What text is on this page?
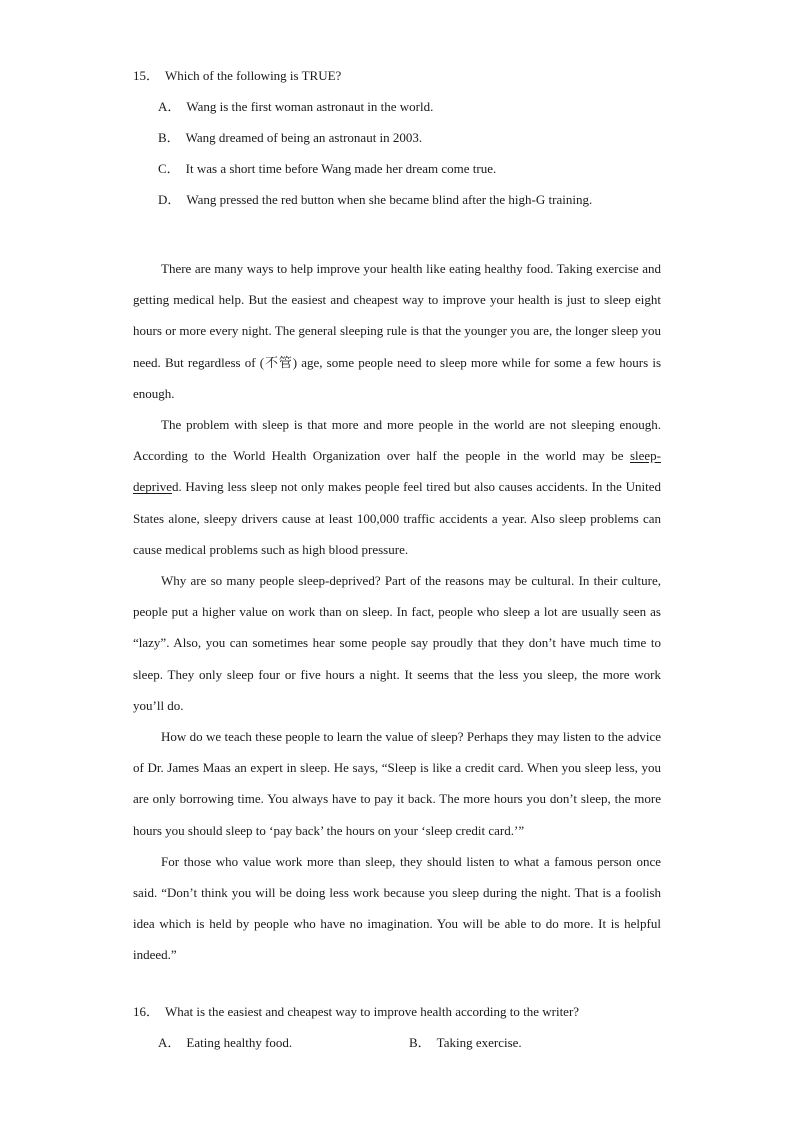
15． Which of the following is TRUE?
A． Wang is the first woman astronaut in the world.
B． Wang dreamed of being an astronaut in 2003.
C． It was a short time before Wang made her dream come true.
D． Wang pressed the red button when she became blind after the high-G training.

There are many ways to help improve your health like eating healthy food. Taking exercise and getting medical help. But the easiest and cheapest way to improve your health is just to sleep eight hours or more every night. The general sleeping rule is that the younger you are, the longer sleep you need. But regardless of (不管) age, some people need to sleep more while for some a few hours is enough.

The problem with sleep is that more and more people in the world are not sleeping enough. According to the World Health Organization over half the people in the world may be sleep-deprived. Having less sleep not only makes people feel tired but also causes accidents. In the United States alone, sleepy drivers cause at least 100,000 traffic accidents a year. Also sleep problems can cause medical problems such as high blood pressure.

Why are so many people sleep-deprived? Part of the reasons may be cultural. In their culture, people put a higher value on work than on sleep. In fact, people who sleep a lot are usually seen as “lazy”. Also, you can sometimes hear some people say proudly that they don’t have much time to sleep. They only sleep four or five hours a night. It seems that the less you sleep, the more work you’ll do.

How do we teach these people to learn the value of sleep? Perhaps they may listen to the advice of Dr. James Maas an expert in sleep. He says, “Sleep is like a credit card. When you sleep less, you are only borrowing time. You always have to pay it back. The more hours you don’t sleep, the more hours you should sleep to ‘pay back’ the hours on your ‘sleep credit card.’”

For those who value work more than sleep, they should listen to what a famous person once said. “Don’t think you will be doing less work because you sleep during the night. That is a foolish idea which is held by people who have no imagination. You will be able to do more. It is helpful indeed.”

16． What is the easiest and cheapest way to improve health according to the writer?
A． Eating healthy food.	B． Taking exercise.
